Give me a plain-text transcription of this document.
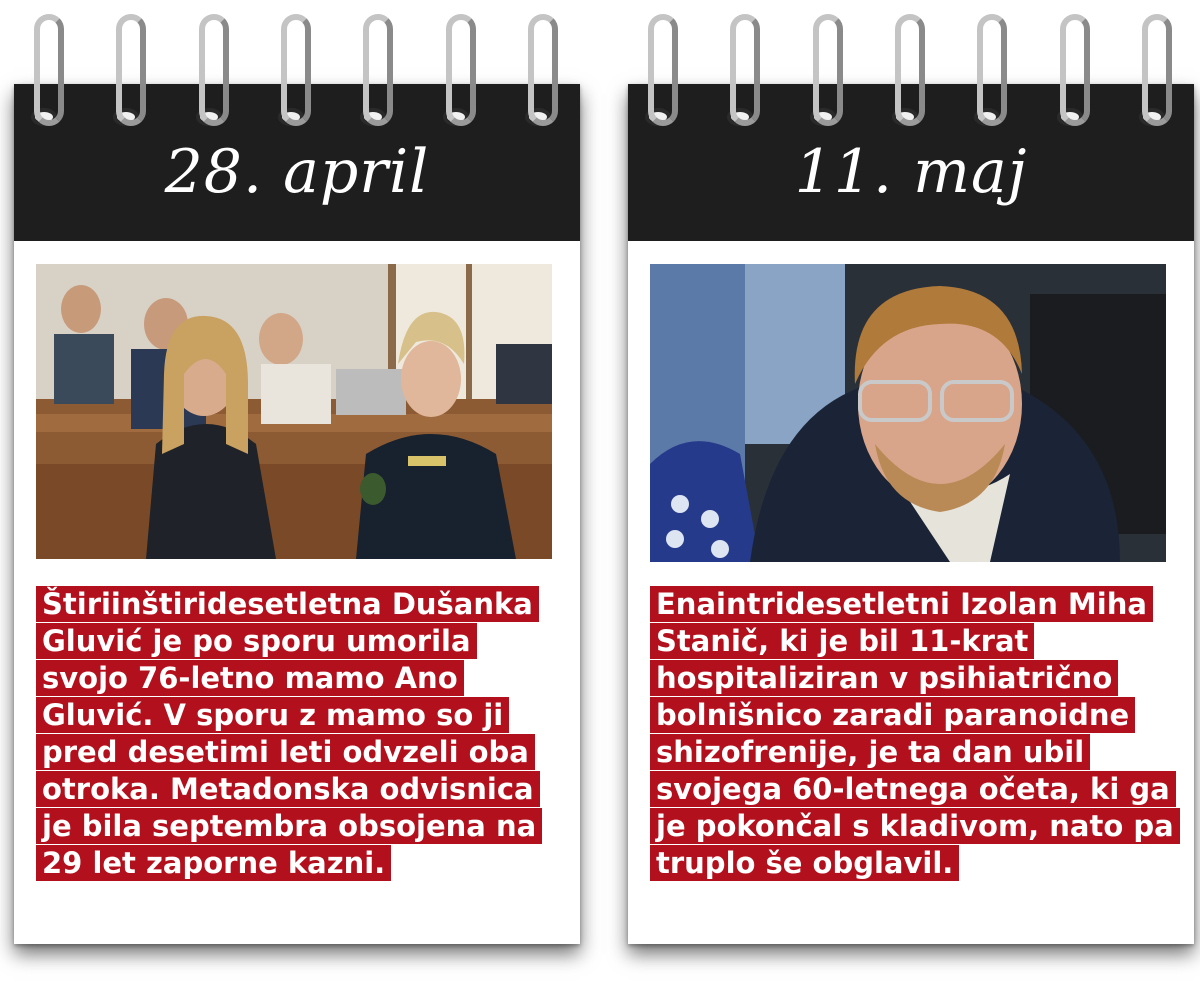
28. april
Štiriinštiridesetletna Dušanka Gluvić je po sporu umorila svojo 76-letno mamo Ano Gluvić. V sporu z mamo so ji pred desetimi leti odvzeli oba otroka. Metadonska odvisnica je bila septembra obsojena na 29 let zaporne kazni.
11. maj
Enaintridesetletni Izolan Miha Stanič, ki je bil 11-krat hospitaliziran v psihiatrično bolnišnico zaradi paranoidne shizofrenije, je ta dan ubil svojega 60-letnega očeta, ki ga je pokončal s kladivom, nato pa truplo še obglavil.
